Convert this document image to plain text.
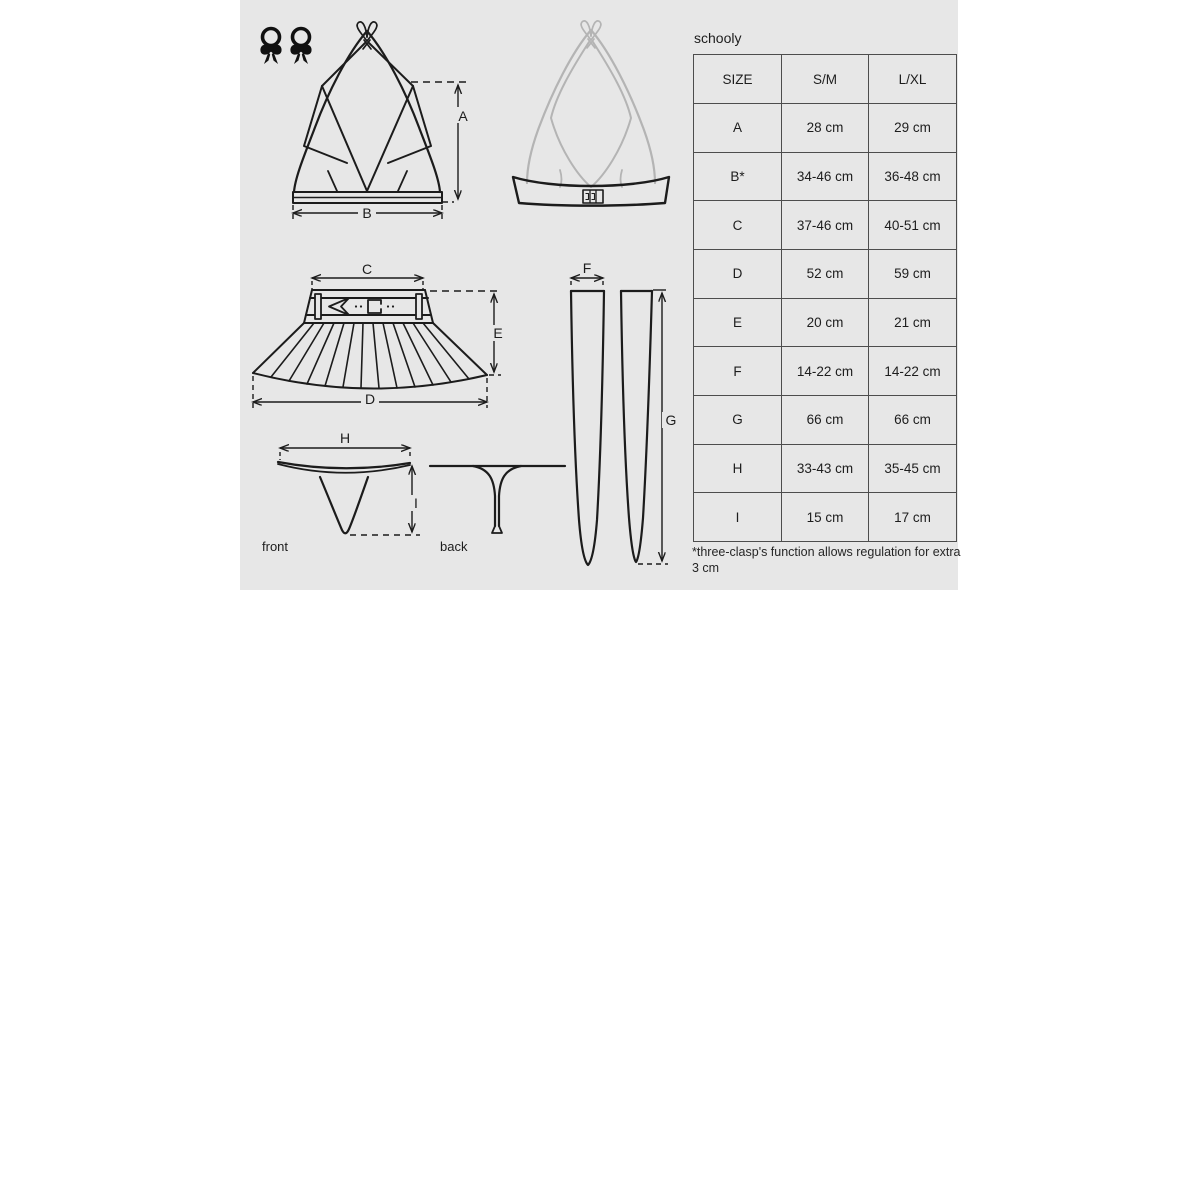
A
B
C
D
E
F
G
H
I
front	back
schooly
SIZE	S/M	L/XL
A	28 cm	29 cm
B*	34-46 cm	36-48 cm
C	37-46 cm	40-51 cm
D	52 cm	59 cm
E	20 cm	21 cm
F	14-22 cm	14-22 cm
G	66 cm	66 cm
H	33-43 cm	35-45 cm
I	15 cm	17 cm
*three-clasp's function allows regulation for extra
3 cm
